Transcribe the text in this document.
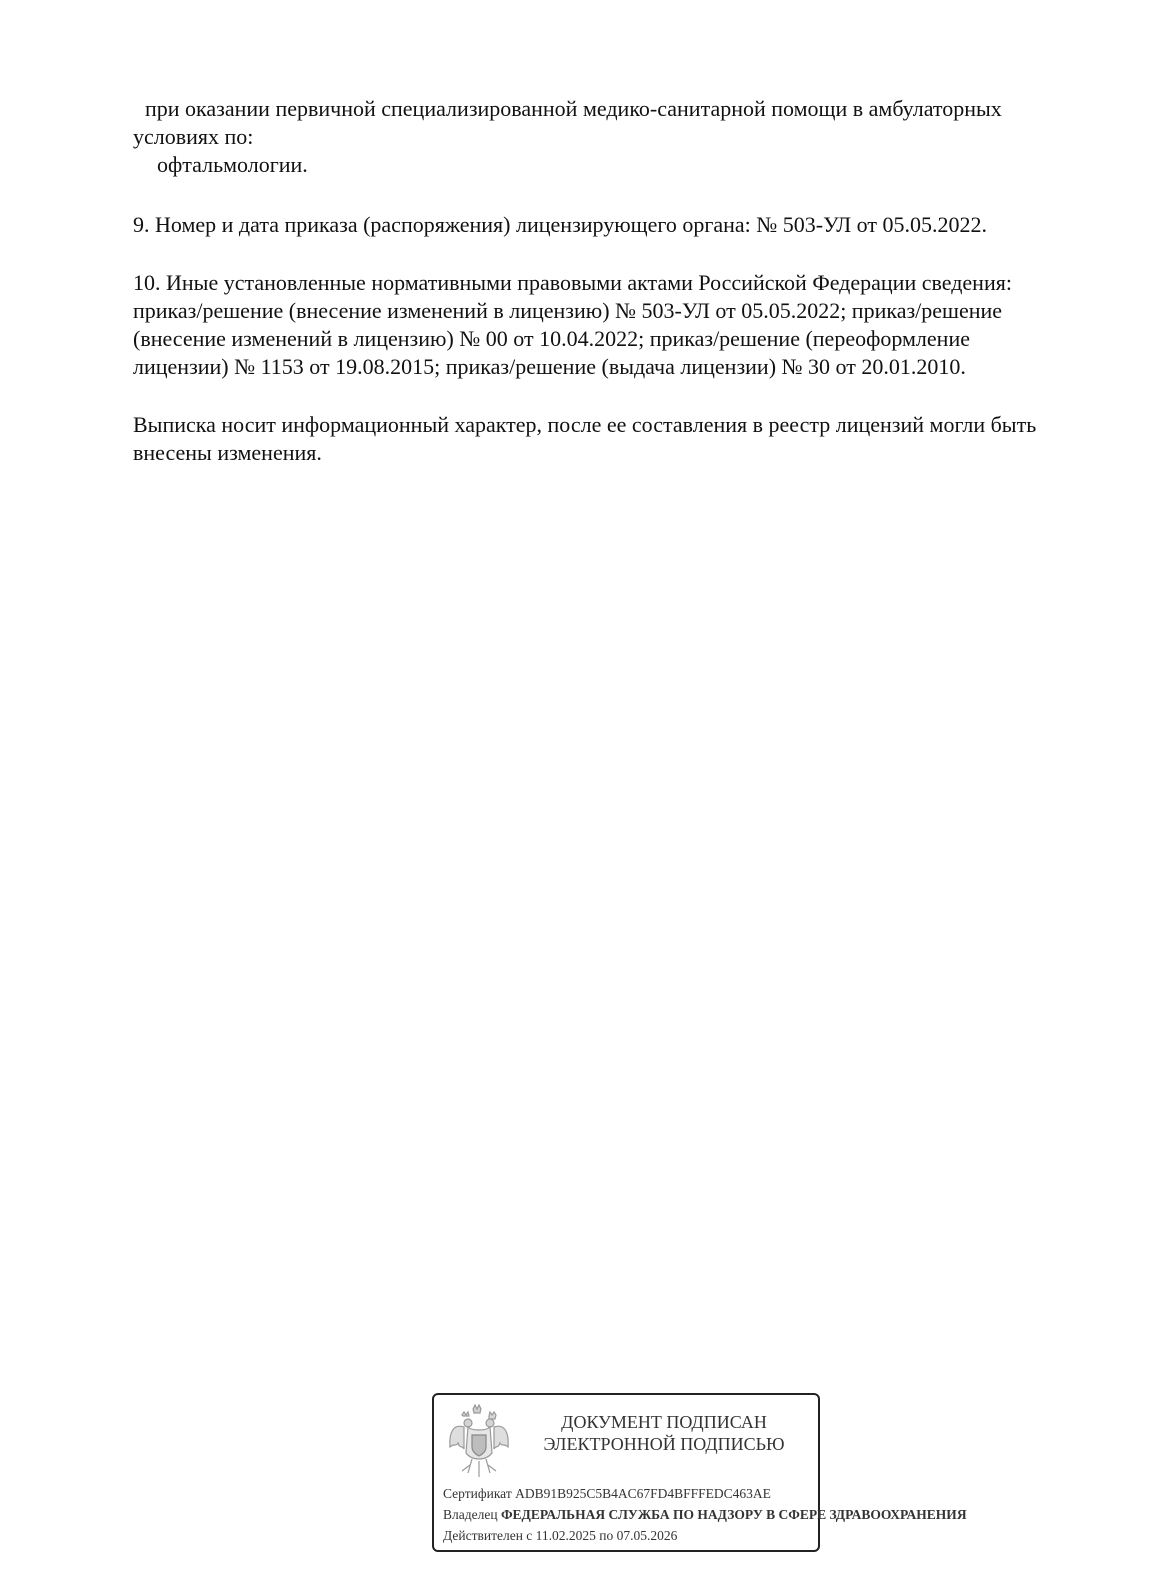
при оказании первичной специализированной медико-санитарной помощи в амбулаторных
условиях по:
офтальмологии.
9. Номер и дата приказа (распоряжения) лицензирующего органа: № 503-УЛ от 05.05.2022.
10. Иные установленные нормативными правовыми актами Российской Федерации сведения:
приказ/решение (внесение изменений в лицензию) № 503-УЛ от 05.05.2022; приказ/решение
(внесение изменений в лицензию) № 00 от 10.04.2022; приказ/решение (переоформление
лицензии) № 1153 от 19.08.2015; приказ/решение (выдача лицензии) № 30 от 20.01.2010.
Выписка носит информационный характер, после ее составления в реестр лицензий могли быть
внесены изменения.
ДОКУМЕНТ ПОДПИСАН
ЭЛЕКТРОННОЙ ПОДПИСЬЮ
Сертификат ADB91B925C5B4AC67FD4BFFFEDC463AE
Владелец ФЕДЕРАЛЬНАЯ СЛУЖБА ПО НАДЗОРУ В СФЕРЕ ЗДРАВООХРАНЕНИЯ
Действителен с 11.02.2025 по 07.05.2026
